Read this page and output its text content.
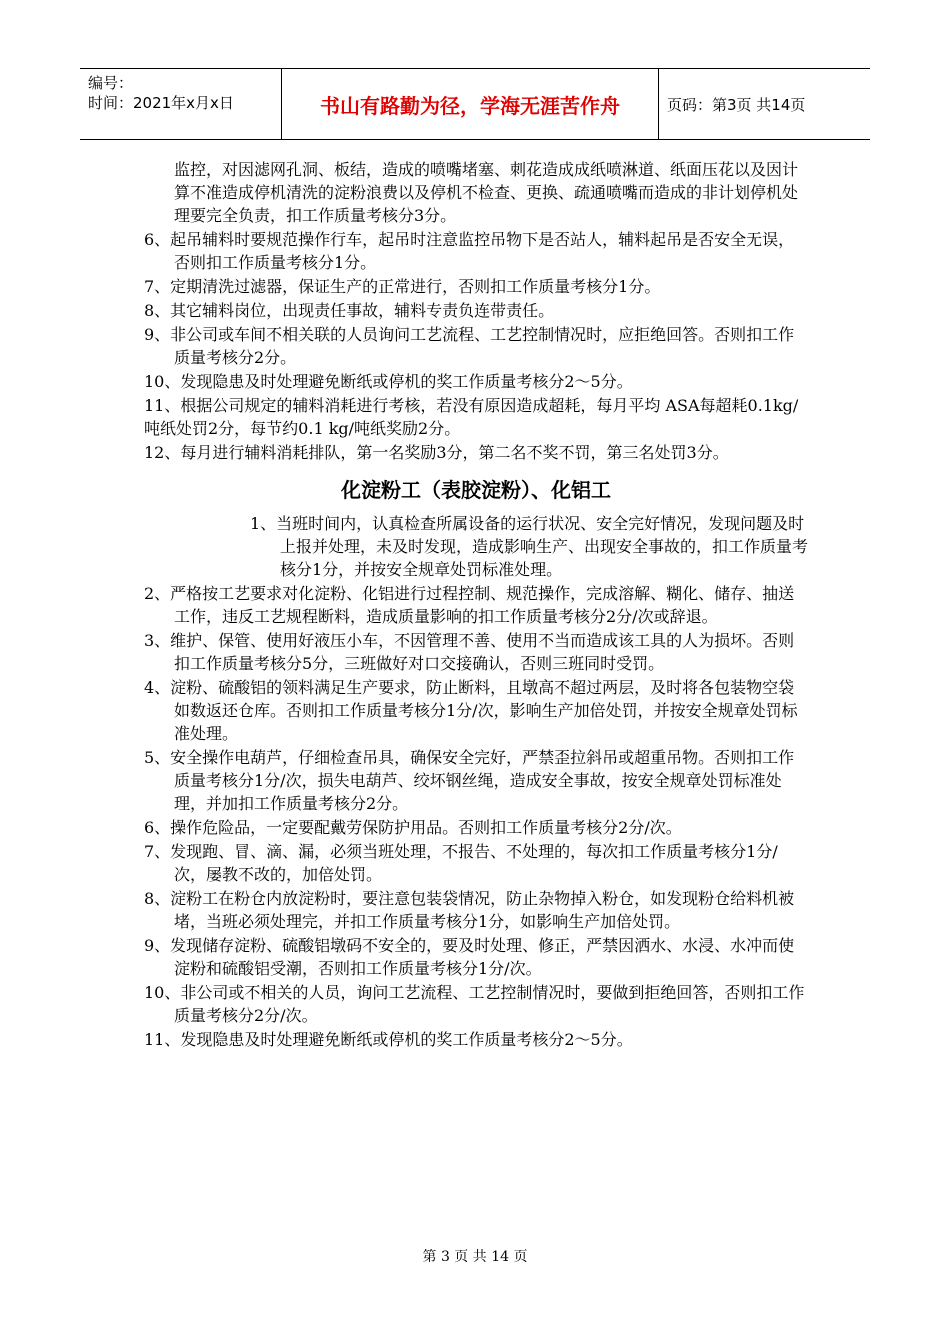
编号：
时间：2021年x月x日	书山有路勤为径，学海无涯苦作舟	页码：第3页 共14页

监控，对因滤网孔洞、板结，造成的喷嘴堵塞、刺花造成成纸喷淋道、纸面压花以及因计算不准造成停机清洗的淀粉浪费以及停机不检查、更换、疏通喷嘴而造成的非计划停机处理要完全负责，扣工作质量考核分3分。

6、起吊辅料时要规范操作行车，起吊时注意监控吊物下是否站人，辅料起吊是否安全无误，否则扣工作质量考核分1分。

7、定期清洗过滤器，保证生产的正常进行，否则扣工作质量考核分1分。

8、其它辅料岗位，出现责任事故，辅料专责负连带责任。

9、非公司或车间不相关联的人员询问工艺流程、工艺控制情况时，应拒绝回答。否则扣工作质量考核分2分。

10、发现隐患及时处理避免断纸或停机的奖工作质量考核分2～5分。

11、根据公司规定的辅料消耗进行考核，若没有原因造成超耗，每月平均 ASA每超耗0.1kg/吨纸处罚2分，每节约0.1 kg/吨纸奖励2分。

12、每月进行辅料消耗排队，第一名奖励3分，第二名不奖不罚，第三名处罚3分。

化淀粉工（表胶淀粉）、化铝工

1、当班时间内，认真检查所属设备的运行状况、安全完好情况，发现问题及时上报并处理，未及时发现，造成影响生产、出现安全事故的，扣工作质量考核分1分，并按安全规章处罚标准处理。

2、严格按工艺要求对化淀粉、化铝进行过程控制、规范操作，完成溶解、糊化、储存、抽送工作，违反工艺规程断料，造成质量影响的扣工作质量考核分2分/次或辞退。

3、维护、保管、使用好液压小车，不因管理不善、使用不当而造成该工具的人为损坏。否则扣工作质量考核分5分，三班做好对口交接确认，否则三班同时受罚。

4、淀粉、硫酸铝的领料满足生产要求，防止断料，且墩高不超过两层，及时将各包装物空袋如数返还仓库。否则扣工作质量考核分1分/次，影响生产加倍处罚，并按安全规章处罚标准处理。

5、安全操作电葫芦，仔细检查吊具，确保安全完好，严禁歪拉斜吊或超重吊物。否则扣工作质量考核分1分/次，损失电葫芦、绞坏钢丝绳，造成安全事故，按安全规章处罚标准处理，并加扣工作质量考核分2分。

6、操作危险品，一定要配戴劳保防护用品。否则扣工作质量考核分2分/次。

7、发现跑、冒、滴、漏，必须当班处理，不报告、不处理的，每次扣工作质量考核分1分/次，屡教不改的，加倍处罚。

8、淀粉工在粉仓内放淀粉时，要注意包装袋情况，防止杂物掉入粉仓，如发现粉仓给料机被堵，当班必须处理完，并扣工作质量考核分1分，如影响生产加倍处罚。

9、发现储存淀粉、硫酸铝墩码不安全的，要及时处理、修正，严禁因洒水、水浸、水冲而使淀粉和硫酸铝受潮，否则扣工作质量考核分1分/次。

10、非公司或不相关的人员，询问工艺流程、工艺控制情况时，要做到拒绝回答，否则扣工作质量考核分2分/次。

11、发现隐患及时处理避免断纸或停机的奖工作质量考核分2～5分。

第 3 页 共 14 页
